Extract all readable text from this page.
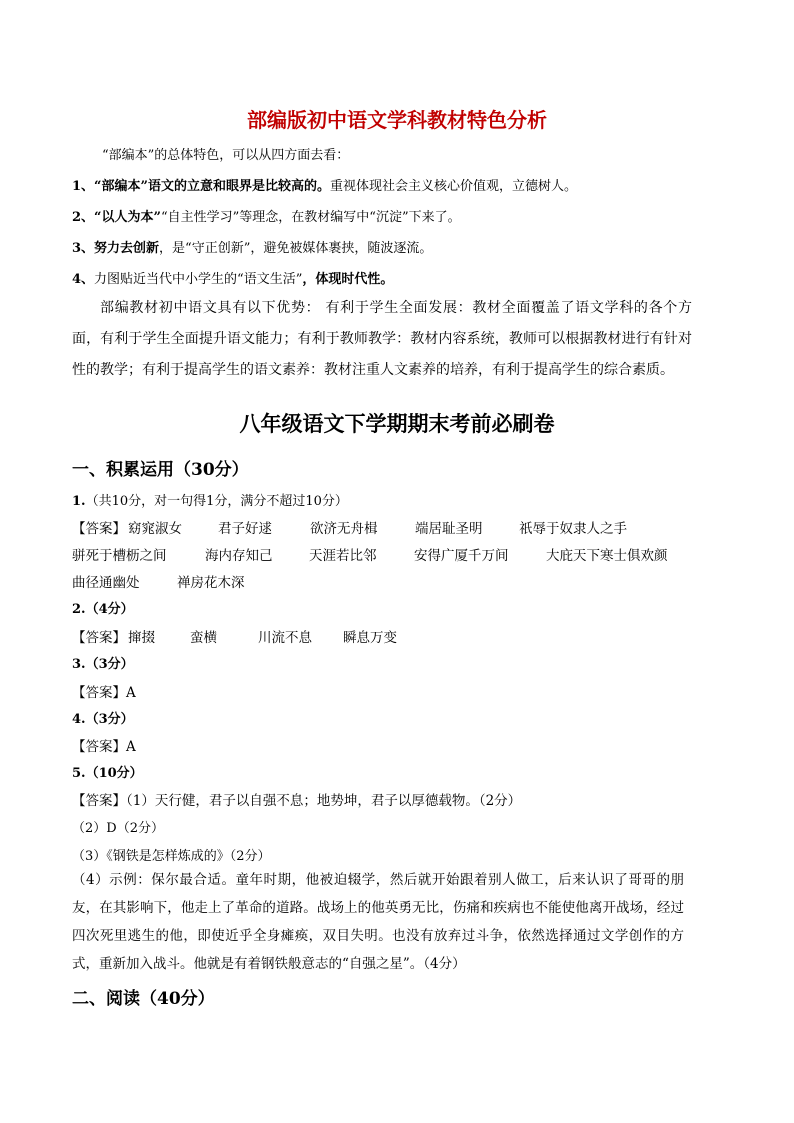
部编版初中语文学科教材特色分析
“部编本”的总体特色，可以从四方面去看：
1、“部编本”语文的立意和眼界是比较高的。重视体现社会主义核心价值观，立德树人。
2、“以人为本”“自主性学习”等理念，在教材编写中“沉淀”下来了。
3、努力去创新，是“守正创新”，避免被媒体裹挟，随波逐流。
4、力图贴近当代中小学生的“语文生活”，体现时代性。
部编教材初中语文具有以下优势： 有利于学生全面发展：教材全面覆盖了语文学科的各个方面，有利于学生全面提升语文能力；有利于教师教学：教材内容系统，教师可以根据教材进行有针对性的教学；有利于提高学生的语文素养：教材注重人文素养的培养，有利于提高学生的综合素质。
八年级语文下学期期末考前必刷卷
一、积累运用（30分）
1.（共10分，对一句得1分，满分不超过10分）
【答案】 窈窕淑女	君子好逑	欲济无舟楫	端居耻圣明	祇辱于奴隶人之手
骈死于槽枥之间	海内存知己	天涯若比邻	安得广厦千万间	大庇天下寒士俱欢颜
曲径通幽处	禅房花木深
2.（4分）
【答案】 撺掇	蛮横	川流不息 瞬息万变
3.（3分）
【答案】A
4.（3分）
【答案】A
5.（10分）
【答案】（1）天行健，君子以自强不息；地势坤，君子以厚德载物。（2分）
（2）D（2分）
（3）《钢铁是怎样炼成的》（2分）
（4）示例：保尔最合适。童年时期，他被迫辍学，然后就开始跟着别人做工，后来认识了哥哥的朋友，在其影响下，他走上了革命的道路。战场上的他英勇无比，伤痛和疾病也不能使他离开战场，经过四次死里逃生的他，即使近乎全身瘫痪，双目失明。也没有放弃过斗争，依然选择通过文学创作的方式，重新加入战斗。他就是有着钢铁般意志的“自强之星”。（4分）
二、阅读（40分）
